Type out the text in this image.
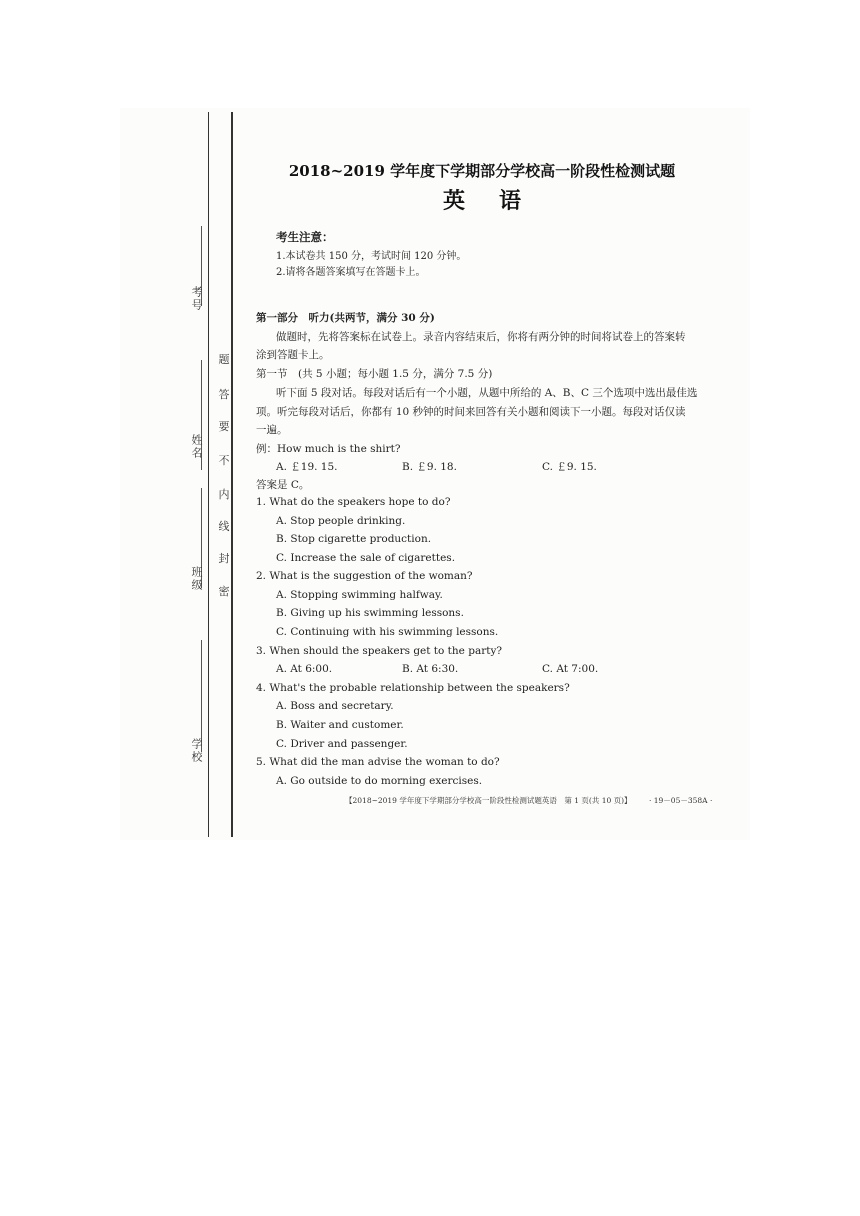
考号
姓名
班级
学校
题
答
要
不
内
线
封
密
2018~2019 学年度下学期部分学校高一阶段性检测试题
英语
考生注意：
1.本试卷共 150 分，考试时间 120 分钟。
2.请将各题答案填写在答题卡上。
第一部分　听力(共两节，满分 30 分)
做题时，先将答案标在试卷上。录音内容结束后，你将有两分钟的时间将试卷上的答案转
涂到答题卡上。
第一节　(共 5 小题；每小题 1.5 分，满分 7.5 分)
听下面 5 段对话。每段对话后有一个小题，从题中所给的 A、B、C 三个选项中选出最佳选
项。听完每段对话后，你都有 10 秒钟的时间来回答有关小题和阅读下一小题。每段对话仅读
一遍。
例：How much is the shirt?
A. ￡19. 15.	B. ￡9. 18.	C. ￡9. 15.
答案是 C。
1. What do the speakers hope to do?
A. Stop people drinking.
B. Stop cigarette production.
C. Increase the sale of cigarettes.
2. What is the suggestion of the woman?
A. Stopping swimming halfway.
B. Giving up his swimming lessons.
C. Continuing with his swimming lessons.
3. When should the speakers get to the party?
A. At 6:00.	B. At 6:30.	C. At 7:00.
4. What's the probable relationship between the speakers?
A. Boss and secretary.
B. Waiter and customer.
C. Driver and passenger.
5. What did the man advise the woman to do?
A. Go outside to do morning exercises.
【2018~2019 学年度下学期部分学校高一阶段性检测试题英语　第 1 页(共 10 页)】 · 19－05－358A ·
